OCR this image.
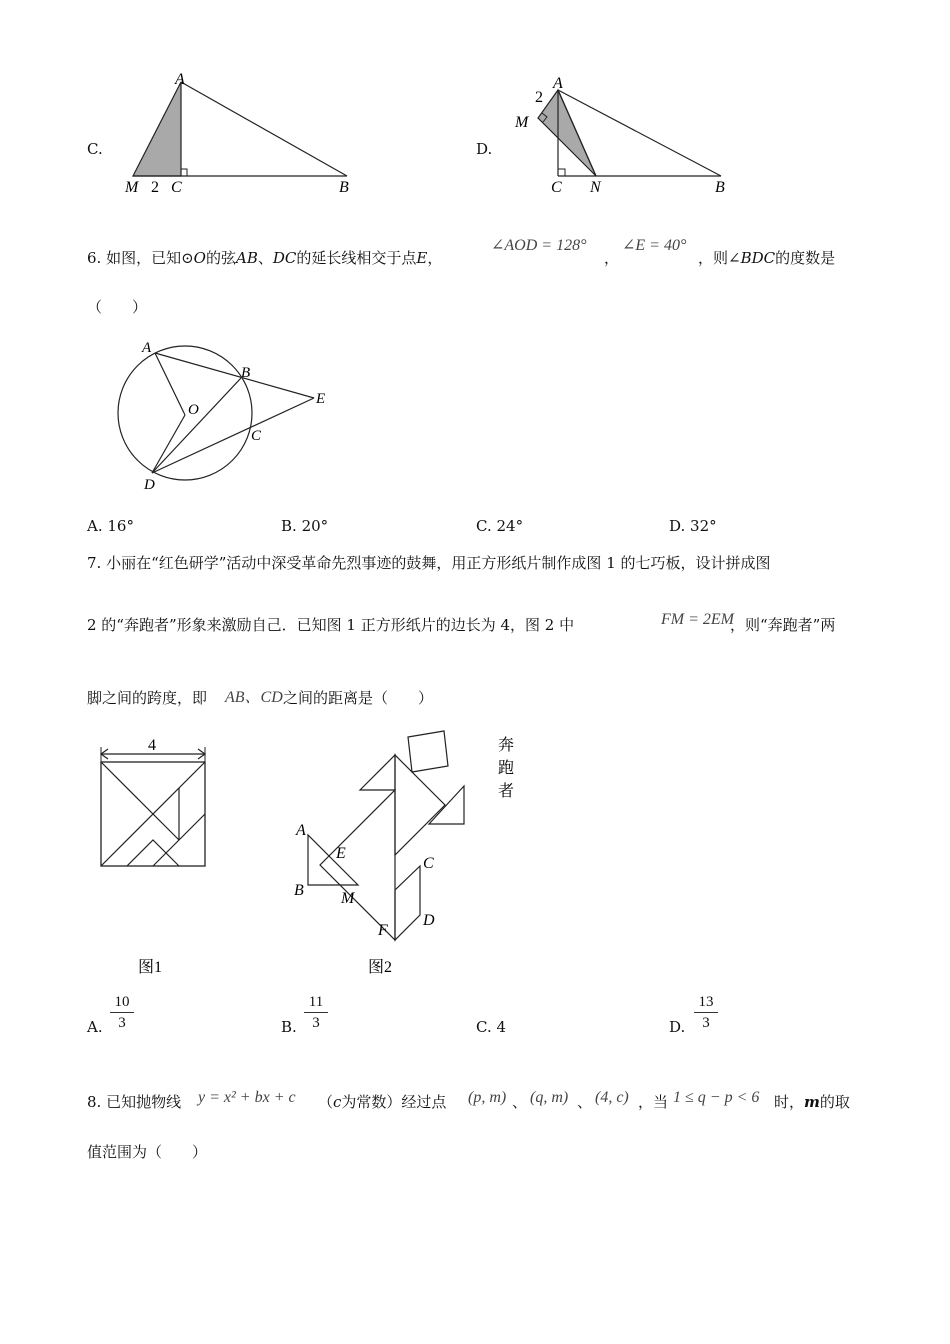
C.
A
M 2 C	B
D.
A
2
M
C N	B
6. 如图，已知⊙O的弦AB、DC的延长线相交于点E，
∠AOD = 128°
，
∠E = 40°
，则∠BDC的度数是
（　　）
A
B
O
E
C
D
A. 16°	B. 20°	C. 24°	D. 32°
7. 小丽在“红色研学”活动中深受革命先烈事迹的鼓舞，用正方形纸片制作成图 1 的七巧板，设计拼成图
2 的“奔跑者”形象来激励自己．已知图 1 正方形纸片的边长为 4，图 2 中	FM = 2EM
，则“奔跑者”两
脚之间的跨度，即 AB、CD 之间的距离是（　　）
4
图1
A
E
B M
C
F
D
图2
奔
跑
者
A.
10
3	B.
11
3	C. 4	D.
13
3
8. 已知抛物线 y = x² + bx + c （c为常数）经过点 (p, m) 、 (q, m) 、 (4, c) ，当 1 ≤ q − p < 6 时，m的取
值范围为（　　）
